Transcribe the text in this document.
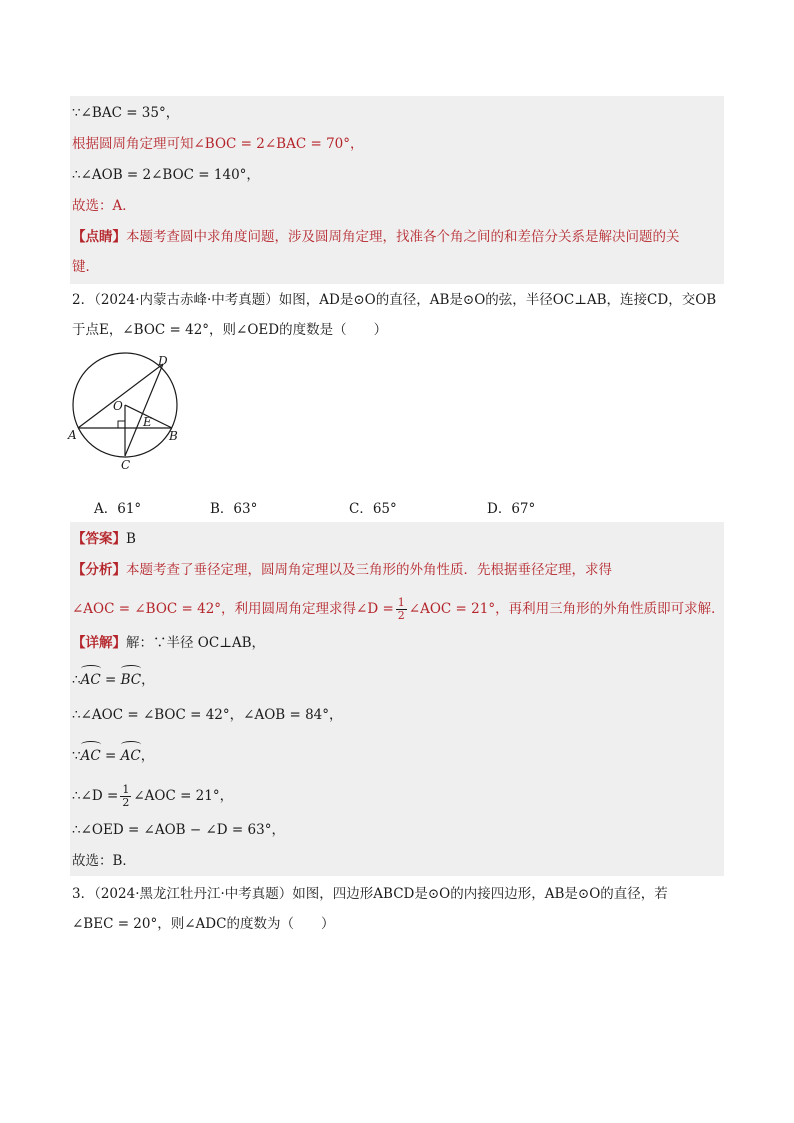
∵∠BAC = 35°，
根据圆周角定理可知∠BOC = 2∠BAC = 70°，
∴∠AOB = 2∠BOC = 140°，
故选：A．
【点睛】本题考查圆中求角度问题，涉及圆周角定理，找准各个角之间的和差倍分关系是解决问题的关
键．
2．（2024·内蒙古赤峰·中考真题）如图，AD是⊙O的直径，AB是⊙O的弦，半径OC⊥AB，连接CD，交OB
于点E，∠BOC = 42°，则∠OED的度数是（　　）
D
O
E
A	B
C
A．61°	B．63°	C．65°	D．67°
【答案】B
【分析】本题考查了垂径定理，圆周角定理以及三角形的外角性质．先根据垂径定理，求得
∠AOC = ∠BOC = 42°，利用圆周角定理求得∠D = $\frac{1}{2}$ ∠AOC = 21°，再利用三角形的外角性质即可求解．
【详解】解：∵半径 OC⊥AB，
∴
AC =
BC，
∴∠AOC = ∠BOC = 42°，∠AOB = 84°，
∵
AC =
AC，
∴∠D = $\frac{1}{2}$ ∠AOC = 21°，
∴∠OED = ∠AOB − ∠D = 63°，
故选：B．
3．（2024·黑龙江牡丹江·中考真题）如图，四边形ABCD是⊙O的内接四边形，AB是⊙O的直径，若
∠BEC = 20°，则∠ADC的度数为（　　）
